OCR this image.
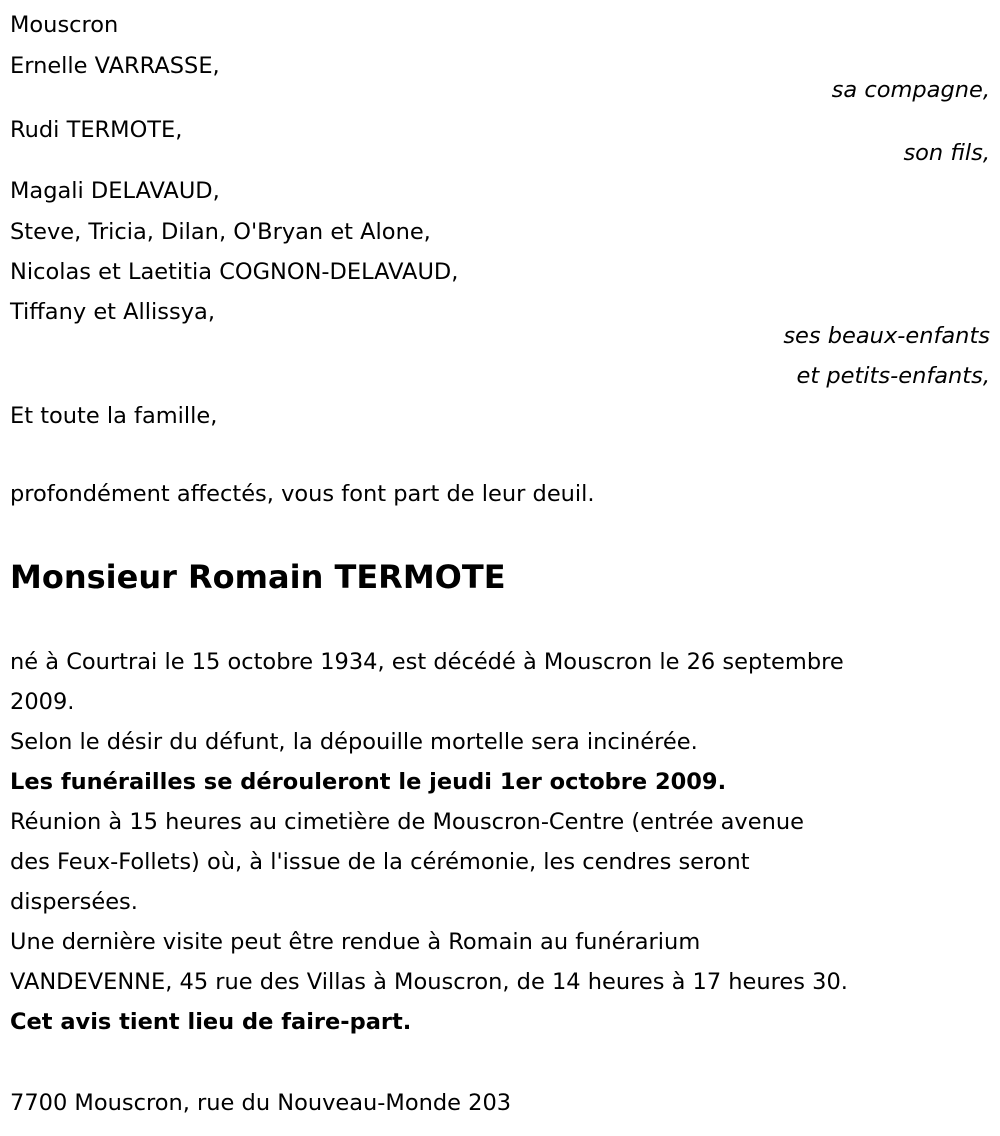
Mouscron
Ernelle VARRASSE,
sa compagne,
Rudi TERMOTE,
son fils,
Magali DELAVAUD,
Steve, Tricia, Dilan, O'Bryan et Alone,
Nicolas et Laetitia COGNON-DELAVAUD,
Tiffany et Allissya,
ses beaux-enfants
et petits-enfants,
Et toute la famille,
profondément affectés, vous font part de leur deuil.
Monsieur Romain TERMOTE
né à Courtrai le 15 octobre 1934, est décédé à Mouscron le 26 septembre
2009.
Selon le désir du défunt, la dépouille mortelle sera incinérée.
Les funérailles se dérouleront le jeudi 1er octobre 2009.
Réunion à 15 heures au cimetière de Mouscron-Centre (entrée avenue
des Feux-Follets) où, à l'issue de la cérémonie, les cendres seront
dispersées.
Une dernière visite peut être rendue à Romain au funérarium
VANDEVENNE, 45 rue des Villas à Mouscron, de 14 heures à 17 heures 30.
Cet avis tient lieu de faire-part.
7700 Mouscron, rue du Nouveau-Monde 203
